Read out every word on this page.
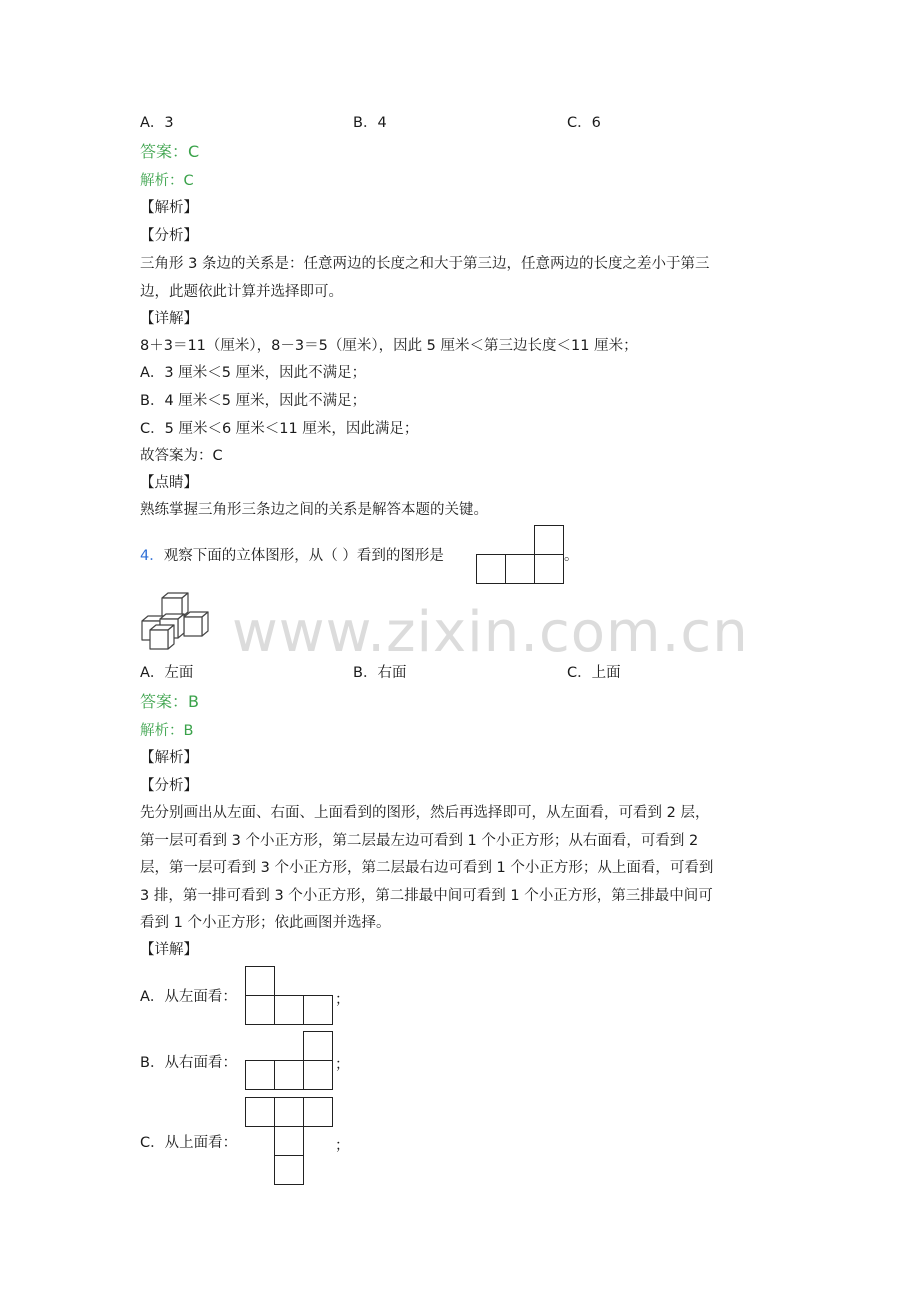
A．3	B．4	C．6
答案：C
解析：C
【解析】
【分析】
三角形 3 条边的关系是：任意两边的长度之和大于第三边，任意两边的长度之差小于第三
边，此题依此计算并选择即可。
【详解】
8＋3＝11（厘米），8－3＝5（厘米），因此 5 厘米＜第三边长度＜11 厘米；
A．3 厘米＜5 厘米，因此不满足；
B．4 厘米＜5 厘米，因此不满足；
C．5 厘米＜6 厘米＜11 厘米，因此满足；
故答案为：C
【点睛】
熟练掌握三角形三条边之间的关系是解答本题的关键。
4．观察下面的立体图形，从（ ）看到的图形是	。
www.zixin.com.cn
A．左面	B．右面	C．上面
答案：B
解析：B
【解析】
【分析】
先分别画出从左面、右面、上面看到的图形，然后再选择即可，从左面看，可看到 2 层，
第一层可看到 3 个小正方形，第二层最左边可看到 1 个小正方形；从右面看，可看到 2
层，第一层可看到 3 个小正方形，第二层最右边可看到 1 个小正方形；从上面看，可看到
3 排，第一排可看到 3 个小正方形，第二排最中间可看到 1 个小正方形，第三排最中间可
看到 1 个小正方形；依此画图并选择。
【详解】
A．从左面看：	；
B．从右面看：	；
C．从上面看：	；
